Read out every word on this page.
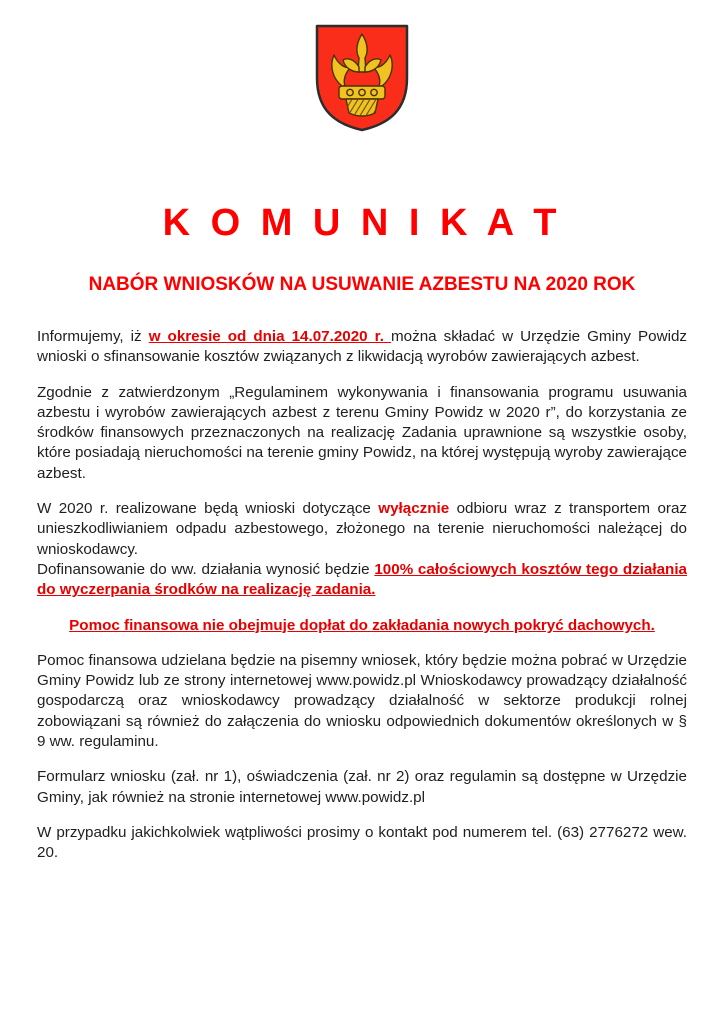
K O M U N I K A T
NABÓR WNIOSKÓW NA USUWANIE AZBESTU NA 2020 ROK
Informujemy, iż w okresie od dnia 14.07.2020 r. można składać w Urzędzie Gminy Powidz wnioski o sfinansowanie kosztów związanych z likwidacją wyrobów zawierających azbest.
Zgodnie z zatwierdzonym „Regulaminem wykonywania i finansowania programu usuwania azbestu i wyrobów zawierających azbest z terenu Gminy Powidz w 2020 r”, do korzystania ze środków finansowych przeznaczonych na realizację Zadania uprawnione są wszystkie osoby, które posiadają nieruchomości na terenie gminy Powidz, na której występują wyroby zawierające azbest.
W 2020 r. realizowane będą wnioski dotyczące wyłącznie odbioru wraz z transportem oraz unieszkodliwianiem odpadu azbestowego, złożonego na terenie nieruchomości należącej do wnioskodawcy.
Dofinansowanie do ww. działania wynosić będzie 100% całościowych kosztów tego działania do wyczerpania środków na realizację zadania.
Pomoc finansowa nie obejmuje dopłat do zakładania nowych pokryć dachowych.
Pomoc finansowa udzielana będzie na pisemny wniosek, który będzie można pobrać w Urzędzie Gminy Powidz lub ze strony internetowej www.powidz.pl Wnioskodawcy prowadzący działalność gospodarczą oraz wnioskodawcy prowadzący działalność w sektorze produkcji rolnej zobowiązani są również do załączenia do wniosku odpowiednich dokumentów określonych w § 9 ww. regulaminu.
Formularz wniosku (zał. nr 1), oświadczenia (zał. nr 2) oraz regulamin są dostępne w Urzędzie Gminy, jak również na stronie internetowej www.powidz.pl
W przypadku jakichkolwiek wątpliwości prosimy o kontakt pod numerem tel. (63) 2776272 wew. 20.
